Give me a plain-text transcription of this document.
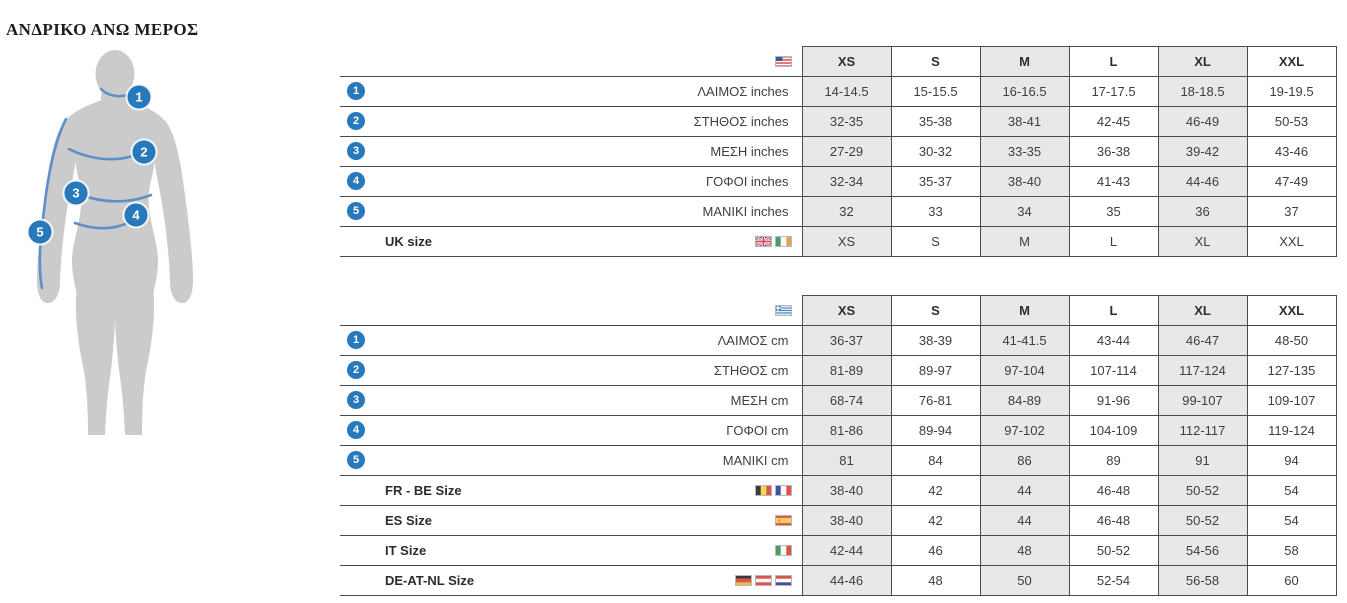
ΑΝΔΡΙΚΟ ΑΝΩ ΜΕΡΟΣ
1
2
3
4
5
	XS	S	M	L	XL	XXL

1 ΛΑΙΜΟΣ inches	14-14.5	15-15.5	16-16.5	17-17.5	18-18.5	19-19.5

2 ΣΤΗΘΟΣ inches	32-35	35-38	38-41	42-45	46-49	50-53

3 ΜΕΣΗ inches	27-29	30-32	33-35	36-38	39-42	43-46

4 ΓΟΦΟΙ inches	32-34	35-37	38-40	41-43	44-46	47-49

5 ΜΑΝΙΚΙ inches	32	33	34	35	36	37

UK size	XS	S	M	L	XL	XXL
	XS	S	M	L	XL	XXL

1 ΛΑΙΜΟΣ cm	36-37	38-39	41-41.5	43-44	46-47	48-50

2 ΣΤΗΘΟΣ cm	81-89	89-97	97-104	107-114	117-124	127-135

3 ΜΕΣΗ cm	68-74	76-81	84-89	91-96	99-107	109-107

4 ΓΟΦΟΙ cm	81-86	89-94	97-102	104-109	112-117	119-124

5 ΜΑΝΙΚΙ cm	81	84	86	89	91	94

FR - BE Size	38-40	42	44	46-48	50-52	54

ES Size	38-40	42	44	46-48	50-52	54

IT Size	42-44	46	48	50-52	54-56	58

DE-AT-NL Size	44-46	48	50	52-54	56-58	60
